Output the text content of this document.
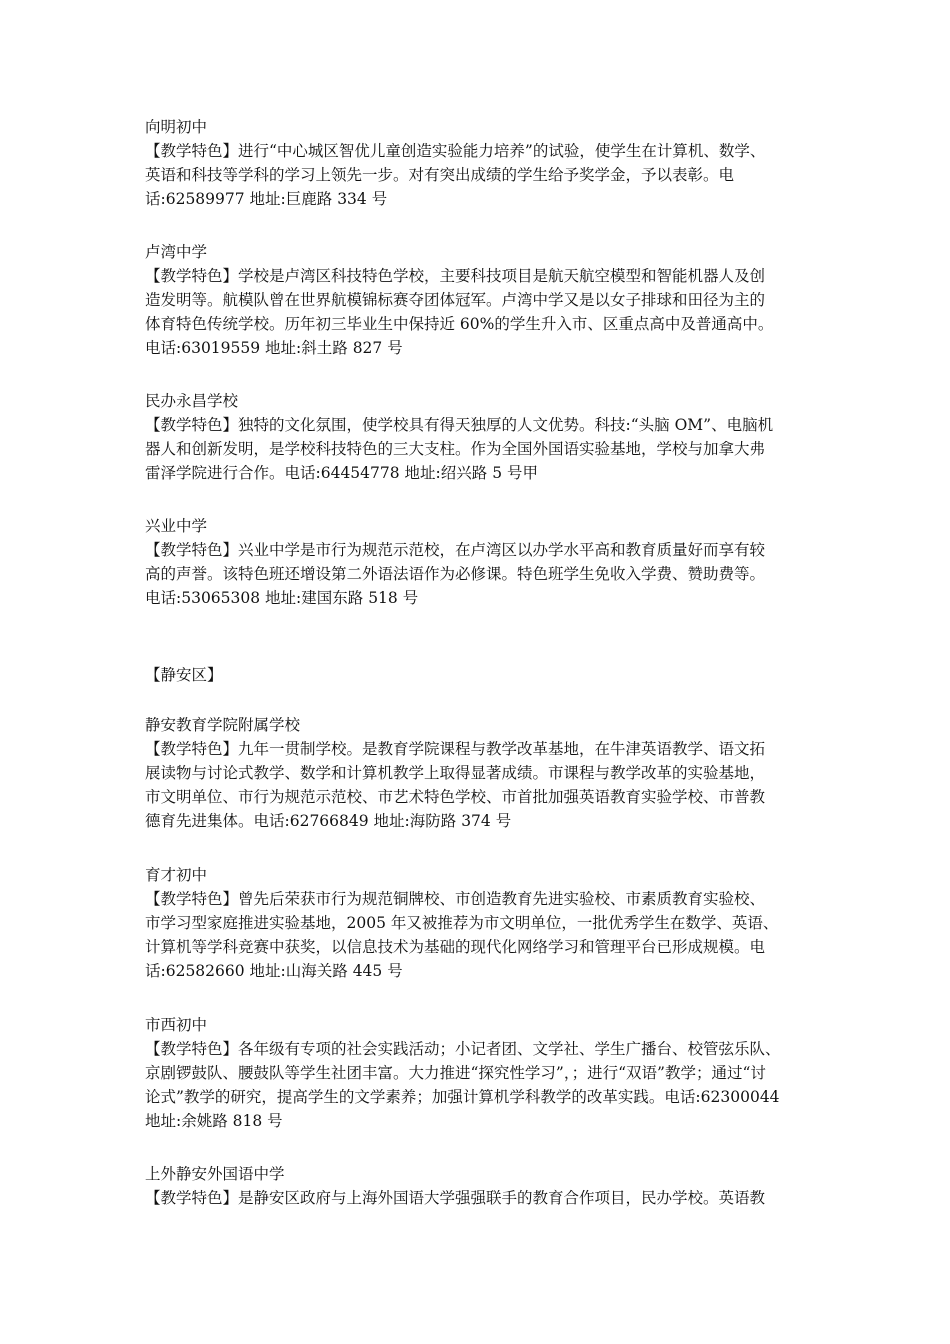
向明初中
【教学特色】进行“中心城区智优儿童创造实验能力培养”的试验，使学生在计算机、数学、
英语和科技等学科的学习上领先一步。对有突出成绩的学生给予奖学金，予以表彰。电
话:62589977 地址:巨鹿路 334 号
卢湾中学
【教学特色】学校是卢湾区科技特色学校，主要科技项目是航天航空模型和智能机器人及创
造发明等。航模队曾在世界航模锦标赛夺团体冠军。卢湾中学又是以女子排球和田径为主的
体育特色传统学校。历年初三毕业生中保持近 60%的学生升入市、区重点高中及普通高中。
电话:63019559 地址:斜土路 827 号
民办永昌学校
【教学特色】独特的文化氛围，使学校具有得天独厚的人文优势。科技:“头脑 OM”、电脑机
器人和创新发明，是学校科技特色的三大支柱。作为全国外国语实验基地，学校与加拿大弗
雷泽学院进行合作。电话:64454778 地址:绍兴路 5 号甲
兴业中学
【教学特色】兴业中学是市行为规范示范校，在卢湾区以办学水平高和教育质量好而享有较
高的声誉。该特色班还增设第二外语法语作为必修课。特色班学生免收入学费、赞助费等。
电话:53065308 地址:建国东路 518 号
【静安区】
静安教育学院附属学校
【教学特色】九年一贯制学校。是教育学院课程与教学改革基地，在牛津英语教学、语文拓
展读物与讨论式教学、数学和计算机教学上取得显著成绩。市课程与教学改革的实验基地，
市文明单位、市行为规范示范校、市艺术特色学校、市首批加强英语教育实验学校、市普教
德育先进集体。电话:62766849 地址:海防路 374 号
育才初中
【教学特色】曾先后荣获市行为规范铜牌校、市创造教育先进实验校、市素质教育实验校、
市学习型家庭推进实验基地，2005 年又被推荐为市文明单位，一批优秀学生在数学、英语、
计算机等学科竞赛中获奖，以信息技术为基础的现代化网络学习和管理平台已形成规模。电
话:62582660 地址:山海关路 445 号
市西初中
【教学特色】各年级有专项的社会实践活动；小记者团、文学社、学生广播台、校管弦乐队、
京剧锣鼓队、腰鼓队等学生社团丰富。大力推进“探究性学习”，；进行“双语”教学；通过“讨
论式”教学的研究，提高学生的文学素养；加强计算机学科教学的改革实践。电话:62300044
地址:余姚路 818 号
上外静安外国语中学
【教学特色】是静安区政府与上海外国语大学强强联手的教育合作项目，民办学校。英语教
